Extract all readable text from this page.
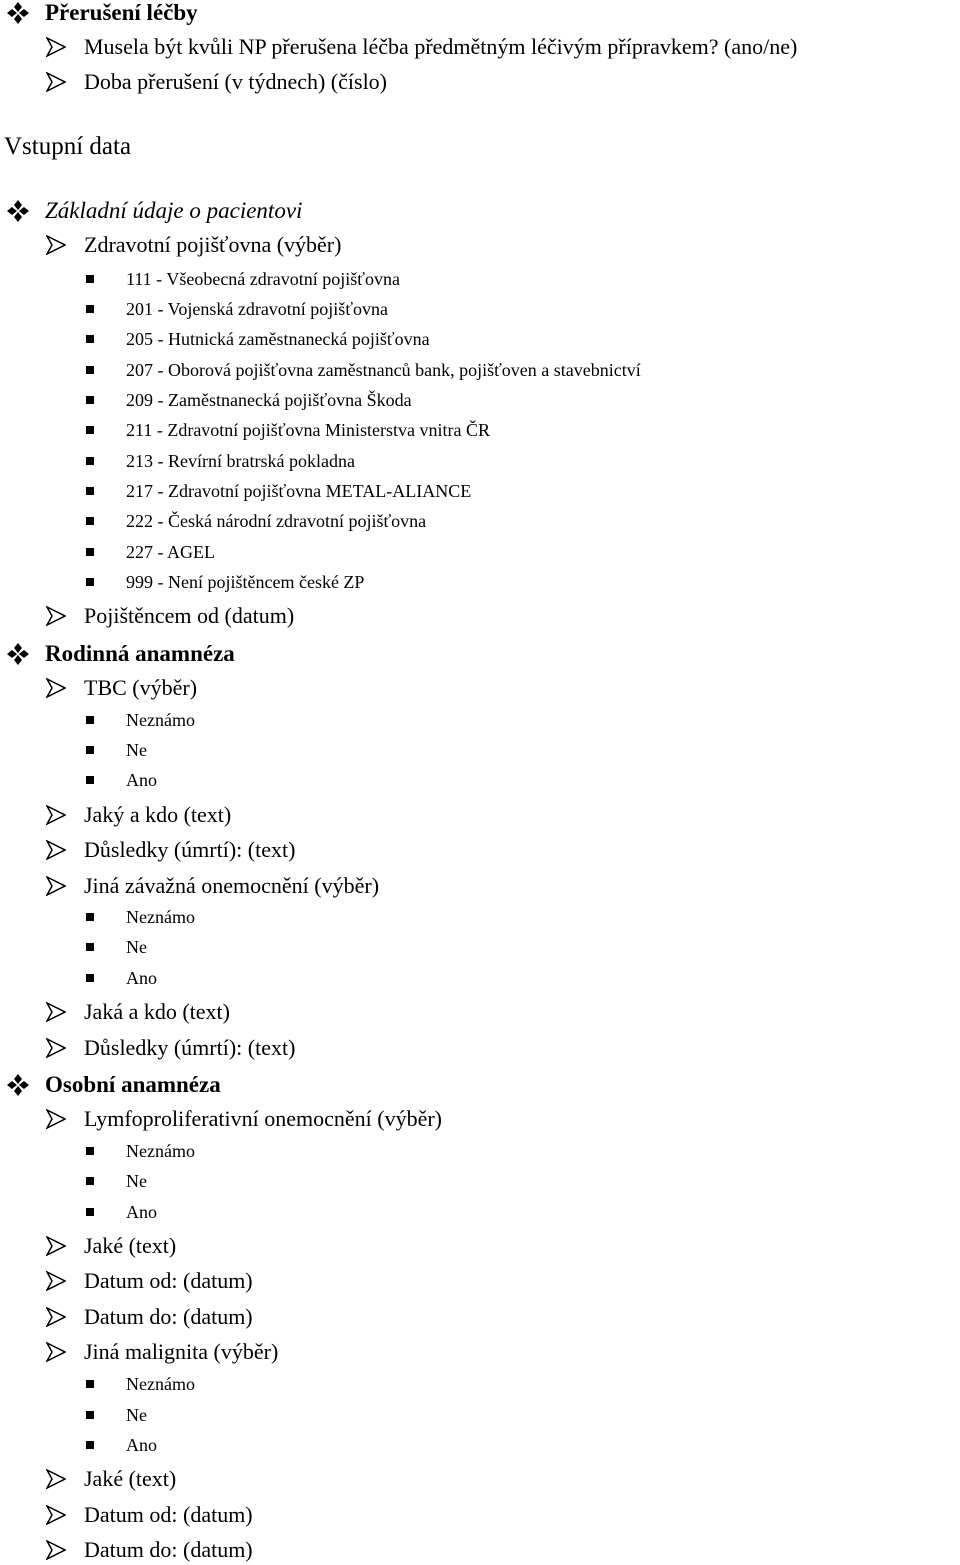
Přerušení léčby
Musela být kvůli NP přerušena léčba předmětným léčivým přípravkem? (ano/ne)
Doba přerušení (v týdnech) (číslo)
Vstupní data
Základní údaje o pacientovi
Zdravotní pojišťovna (výběr)
111 - Všeobecná zdravotní pojišťovna
201 - Vojenská zdravotní pojišťovna
205 - Hutnická zaměstnanecká pojišťovna
207 - Oborová pojišťovna zaměstnanců bank, pojišťoven a stavebnictví
209 - Zaměstnanecká pojišťovna Škoda
211 - Zdravotní pojišťovna Ministerstva vnitra ČR
213 - Revírní bratrská pokladna
217 - Zdravotní pojišťovna METAL-ALIANCE
222 - Česká národní zdravotní pojišťovna
227 - AGEL
999 - Není pojištěncem české ZP
Pojištěncem od (datum)
Rodinná anamnéza
TBC (výběr)
Neznámo
Ne
Ano
Jaký a kdo (text)
Důsledky (úmrtí): (text)
Jiná závažná onemocnění (výběr)
Neznámo
Ne
Ano
Jaká a kdo (text)
Důsledky (úmrtí): (text)
Osobní anamnéza
Lymfoproliferativní onemocnění (výběr)
Neznámo
Ne
Ano
Jaké (text)
Datum od: (datum)
Datum do: (datum)
Jiná malignita (výběr)
Neznámo
Ne
Ano
Jaké (text)
Datum od: (datum)
Datum do: (datum)
